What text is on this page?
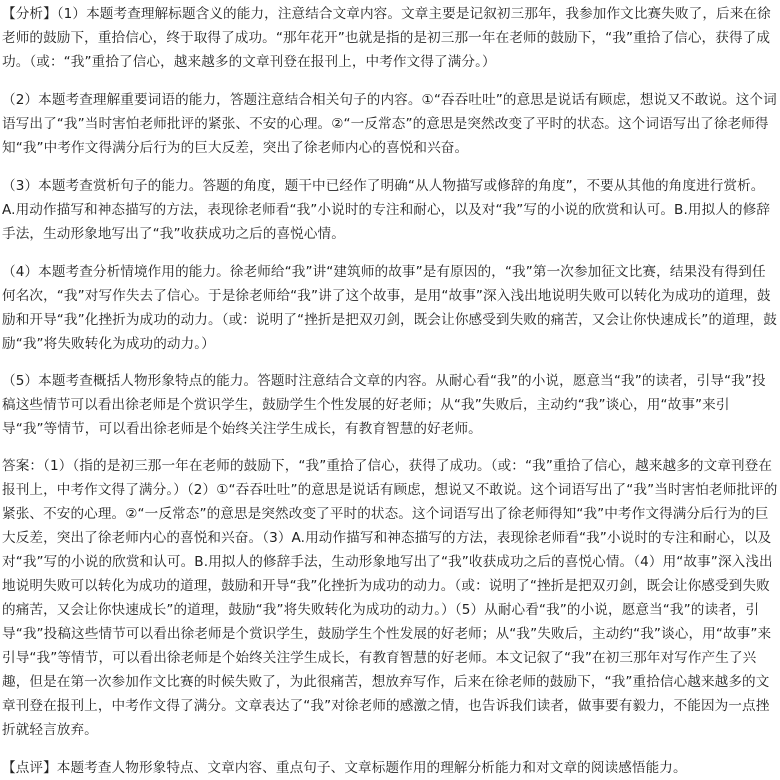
【分析】（1）本题考查理解标题含义的能力，注意结合文章内容。文章主要是记叙初三那年，我参加作文比赛失败了，后来在徐老师的鼓励下，重拾信心，终于取得了成功。“那年花开”也就是指的是初三那一年在老师的鼓励下，“我”重拾了信心，获得了成功。（或：“我”重拾了信心，越来越多的文章刊登在报刊上，中考作文得了满分。）

（2）本题考查理解重要词语的能力，答题注意结合相关句子的内容。①“吞吞吐吐”的意思是说话有顾虑，想说又不敢说。这个词语写出了“我”当时害怕老师批评的紧张、不安的心理。②“一反常态”的意思是突然改变了平时的状态。这个词语写出了徐老师得知“我”中考作文得满分后行为的巨大反差，突出了徐老师内心的喜悦和兴奋。

（3）本题考查赏析句子的能力。答题的角度，题干中已经作了明确“从人物描写或修辞的角度”，不要从其他的角度进行赏析。A.用动作描写和神态描写的方法，表现徐老师看“我”小说时的专注和耐心，以及对“我”写的小说的欣赏和认可。B.用拟人的修辞手法，生动形象地写出了“我”收获成功之后的喜悦心情。

（4）本题考查分析情境作用的能力。徐老师给“我”讲“建筑师的故事”是有原因的，“我”第一次参加征文比赛，结果没有得到任何名次，“我”对写作失去了信心。于是徐老师给“我”讲了这个故事，是用“故事”深入浅出地说明失败可以转化为成功的道理，鼓励和开导“我”化挫折为成功的动力。（或：说明了“挫折是把双刃剑，既会让你感受到失败的痛苦，又会让你快速成长”的道理，鼓励“我”将失败转化为成功的动力。）

（5）本题考查概括人物形象特点的能力。答题时注意结合文章的内容。从耐心看“我”的小说，愿意当“我”的读者，引导“我”投稿这些情节可以看出徐老师是个赏识学生，鼓励学生个性发展的好老师；从“我”失败后，主动约“我”谈心，用“故事”来引导“我”等情节，可以看出徐老师是个始终关注学生成长，有教育智慧的好老师。

答案：（1）（指的是初三那一年在老师的鼓励下，“我”重拾了信心，获得了成功。（或：“我”重拾了信心，越来越多的文章刊登在报刊上，中考作文得了满分。）（2）①“吞吞吐吐”的意思是说话有顾虑，想说又不敢说。这个词语写出了“我”当时害怕老师批评的紧张、不安的心理。②“一反常态”的意思是突然改变了平时的状态。这个词语写出了徐老师得知“我”中考作文得满分后行为的巨大反差，突出了徐老师内心的喜悦和兴奋。（3）A.用动作描写和神态描写的方法，表现徐老师看“我”小说时的专注和耐心，以及对“我”写的小说的欣赏和认可。B.用拟人的修辞手法，生动形象地写出了“我”收获成功之后的喜悦心情。（4）用“故事”深入浅出地说明失败可以转化为成功的道理，鼓励和开导“我”化挫折为成功的动力。（或：说明了“挫折是把双刃剑，既会让你感受到失败的痛苦，又会让你快速成长”的道理，鼓励“我”将失败转化为成功的动力。）（5）从耐心看“我”的小说，愿意当“我”的读者，引导“我”投稿这些情节可以看出徐老师是个赏识学生，鼓励学生个性发展的好老师；从“我”失败后，主动约“我”谈心，用“故事”来引导“我”等情节，可以看出徐老师是个始终关注学生成长，有教育智慧的好老师。本文记叙了“我”在初三那年对写作产生了兴趣，但是在第一次参加作文比赛的时候失败了，为此很痛苦，想放弃写作，后来在徐老师的鼓励下，“我”重拾信心越来越多的文章刊登在报刊上，中考作文得了满分。文章表达了“我”对徐老师的感激之情，也告诉我们读者，做事要有毅力，不能因为一点挫折就轻言放弃。

【点评】本题考查人物形象特点、文章内容、重点句子、文章标题作用的理解分析能力和对文章的阅读感悟能力。
